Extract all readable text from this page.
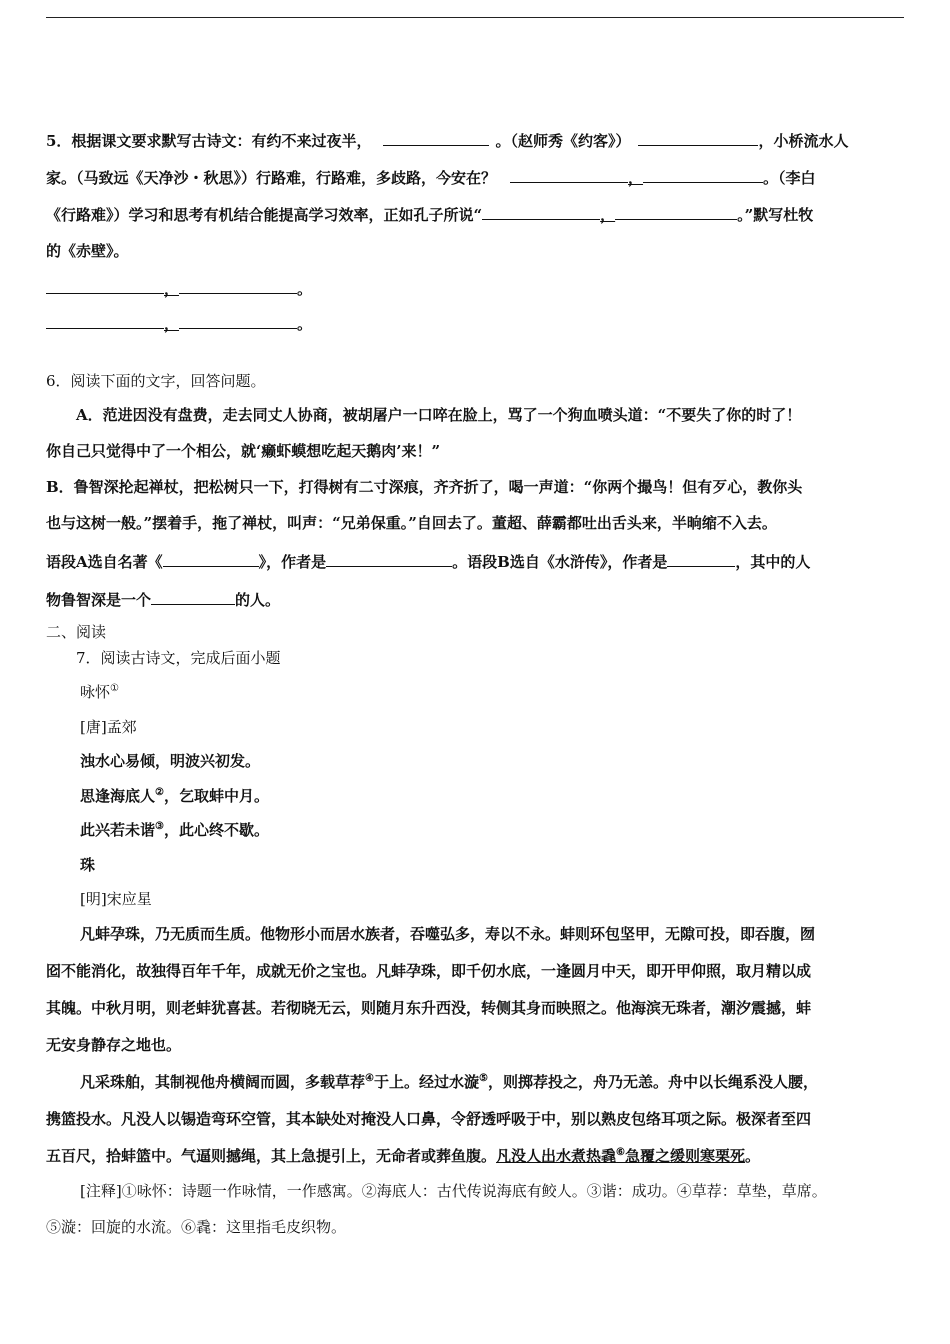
5．根据课文要求默写古诗文：有约不来过夜半，	。（赵师秀《约客》）	，小桥流水人
家。（马致远《天净沙・秋思》）行路难，行路难，多歧路，今安在？	，	。（李白
《行路难》）学习和思考有机结合能提高学习效率，正如孔子所说“	，	。”默写杜牧
的《赤壁》。
，	。
，	。
6．阅读下面的文字，回答问题。
A．范进因没有盘费，走去同丈人协商，被胡屠户一口啐在脸上，骂了一个狗血喷头道：“不要失了你的时了！
你自己只觉得中了一个相公，就‘癞虾蟆想吃起天鹅肉’来！”
B．鲁智深抡起禅杖，把松树只一下，打得树有二寸深痕，齐齐折了，喝一声道：“你两个撮鸟！但有歹心，教你头
也与这树一般。”摆着手，拖了禅杖，叫声：“兄弟保重。”自回去了。董超、薛霸都吐出舌头来，半晌缩不入去。
语段A选自名著《	》，作者是	。语段B选自《水浒传》，作者是	，其中的人
物鲁智深是一个	的人。
二、阅读
7．阅读古诗文，完成后面小题
咏怀①
[唐]孟郊
浊水心易倾，明波兴初发。
思逢海底人②，乞取蚌中月。
此兴若未谐③，此心终不歇。
珠
[明]宋应星
凡蚌孕珠，乃无质而生质。他物形小而居水族者，吞噬弘多，寿以不永。蚌则环包坚甲，无隙可投，即吞腹，囫
囵不能消化，故独得百年千年，成就无价之宝也。凡蚌孕珠，即千仞水底，一逢圆月中天，即开甲仰照，取月精以成
其魄。中秋月明，则老蚌犹喜甚。若彻晓无云，则随月东升西没，转侧其身而映照之。他海滨无珠者，潮汐震撼，蚌
无安身静存之地也。
凡采珠舶，其制视他舟横阔而圆，多载草荐④于上。经过水漩⑤，则掷荐投之，舟乃无恙。舟中以长绳系没人腰，
携篮投水。凡没人以锡造弯环空管，其本缺处对掩没人口鼻，令舒透呼吸于中，别以熟皮包络耳项之际。极深者至四
五百尺，拾蚌篮中。气逼则撼绳，其上急提引上，无命者或葬鱼腹。凡没人出水煮热毳⑥急覆之缓则寒栗死。
[注释]①咏怀：诗题一作咏情，一作感寓。②海底人：古代传说海底有鲛人。③谐：成功。④草荐：草垫，草席。
⑤漩：回旋的水流。⑥毳：这里指毛皮织物。
